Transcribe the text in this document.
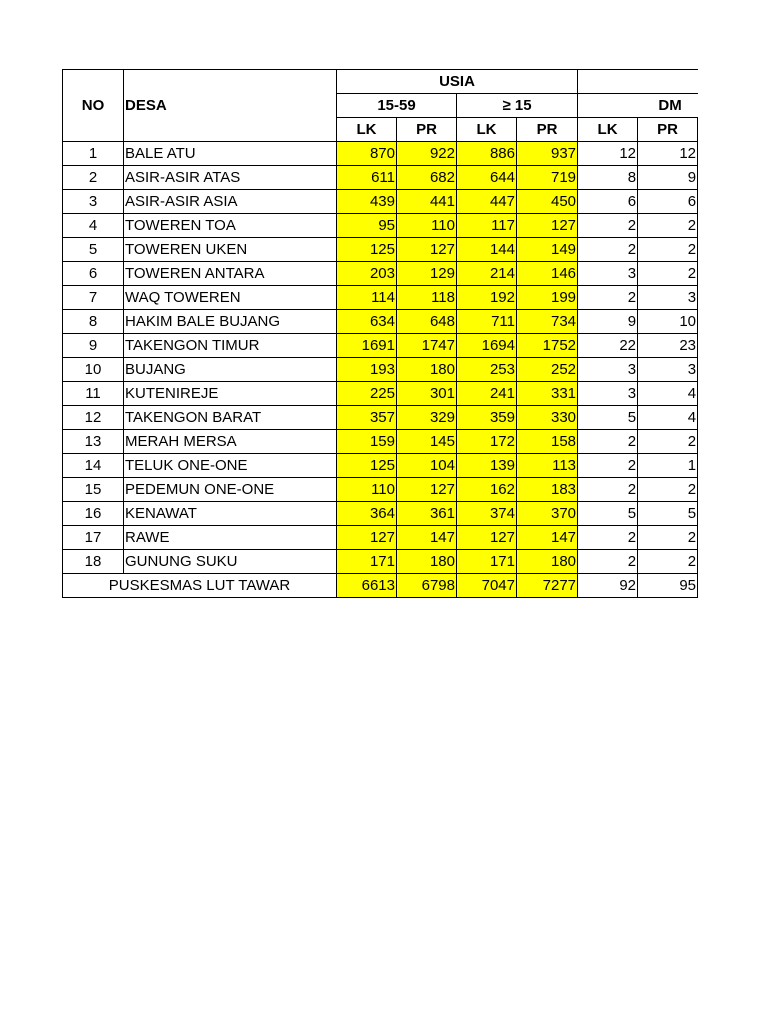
NO	DESA	USIA						
		15-59		≥ 15		DM		
		LK	PR	LK	PR	LK	PR	
1	BALE ATU	870	922	886	937	12	12	
2	ASIR-ASIR ATAS	611	682	644	719	8	9	
3	ASIR-ASIR ASIA	439	441	447	450	6	6	
4	TOWEREN TOA	95	110	117	127	2	2	
5	TOWEREN UKEN	125	127	144	149	2	2	
6	TOWEREN ANTARA	203	129	214	146	3	2	
7	WAQ TOWEREN	114	118	192	199	2	3	
8	HAKIM BALE BUJANG	634	648	711	734	9	10	
9	TAKENGON TIMUR	1691	1747	1694	1752	22	23	
10	BUJANG	193	180	253	252	3	3	
11	KUTENIREJE	225	301	241	331	3	4	
12	TAKENGON BARAT	357	329	359	330	5	4	
13	MERAH MERSA	159	145	172	158	2	2	
14	TELUK ONE-ONE	125	104	139	113	2	1	
15	PEDEMUN ONE-ONE	110	127	162	183	2	2	
16	KENAWAT	364	361	374	370	5	5	
17	RAWE	127	147	127	147	2	2	
18	GUNUNG SUKU	171	180	171	180	2	2	
PUSKESMAS LUT TAWAR		6613	6798	7047	7277	92	95	
